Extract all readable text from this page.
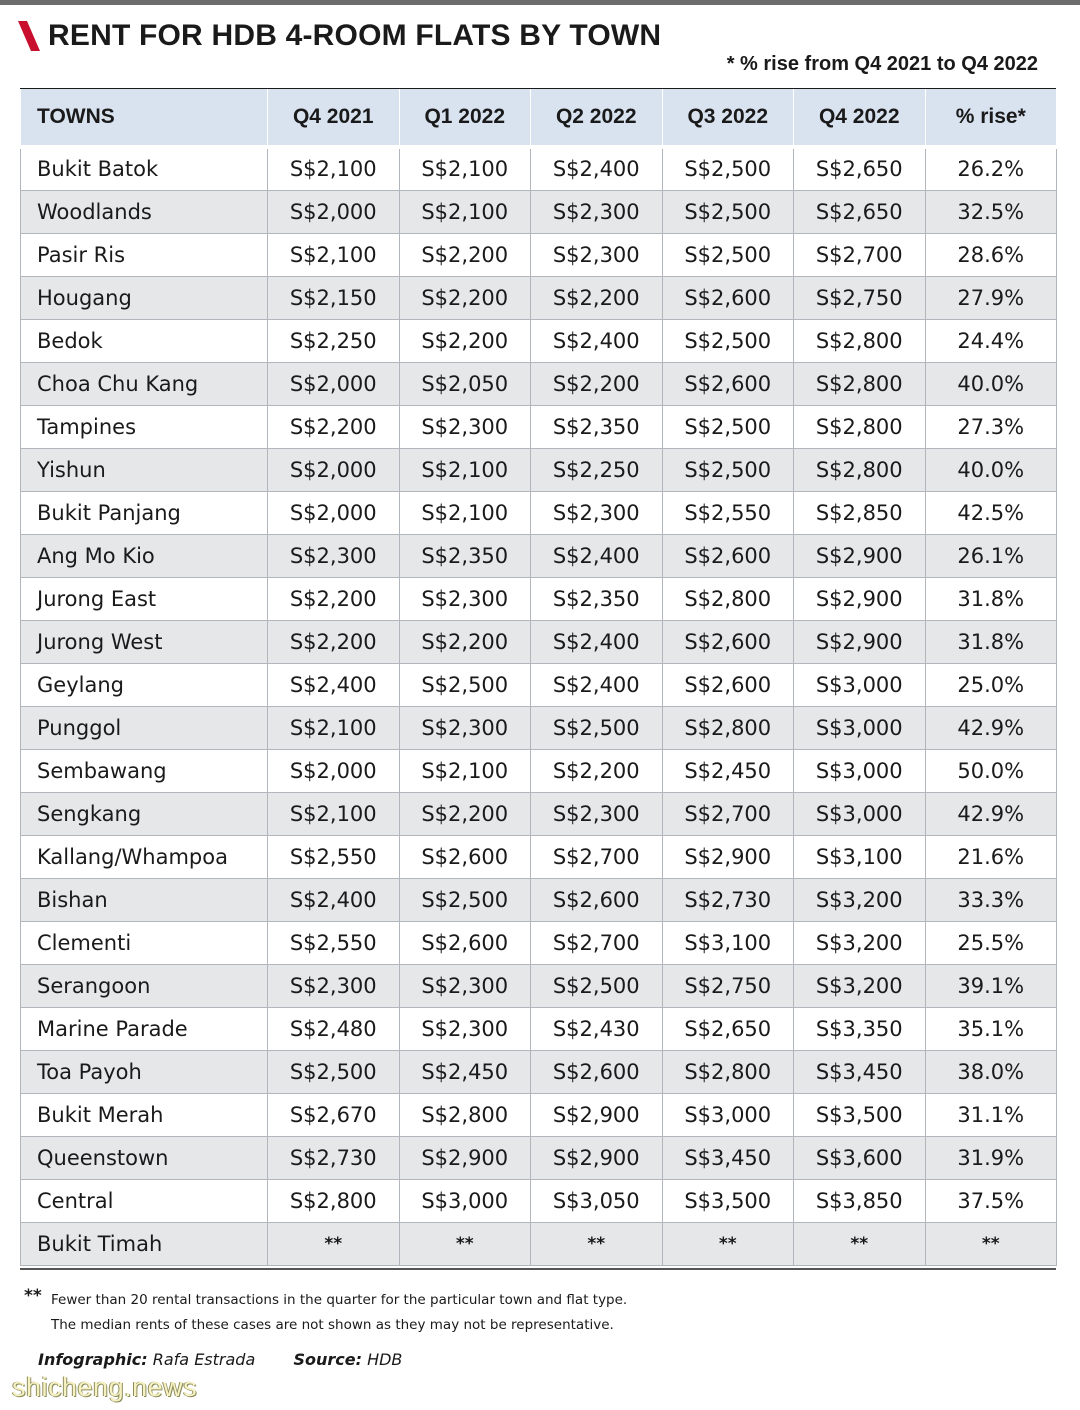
RENT FOR HDB 4-ROOM FLATS BY TOWN
* % rise from Q4 2021 to Q4 2022
TOWNS	Q4 2021	Q1 2022	Q2 2022	Q3 2022	Q4 2022	% rise*
Bukit Batok	S$2,100	S$2,100	S$2,400	S$2,500	S$2,650	26.2%
Woodlands	S$2,000	S$2,100	S$2,300	S$2,500	S$2,650	32.5%
Pasir Ris	S$2,100	S$2,200	S$2,300	S$2,500	S$2,700	28.6%
Hougang	S$2,150	S$2,200	S$2,200	S$2,600	S$2,750	27.9%
Bedok	S$2,250	S$2,200	S$2,400	S$2,500	S$2,800	24.4%
Choa Chu Kang	S$2,000	S$2,050	S$2,200	S$2,600	S$2,800	40.0%
Tampines	S$2,200	S$2,300	S$2,350	S$2,500	S$2,800	27.3%
Yishun	S$2,000	S$2,100	S$2,250	S$2,500	S$2,800	40.0%
Bukit Panjang	S$2,000	S$2,100	S$2,300	S$2,550	S$2,850	42.5%
Ang Mo Kio	S$2,300	S$2,350	S$2,400	S$2,600	S$2,900	26.1%
Jurong East	S$2,200	S$2,300	S$2,350	S$2,800	S$2,900	31.8%
Jurong West	S$2,200	S$2,200	S$2,400	S$2,600	S$2,900	31.8%
Geylang	S$2,400	S$2,500	S$2,400	S$2,600	S$3,000	25.0%
Punggol	S$2,100	S$2,300	S$2,500	S$2,800	S$3,000	42.9%
Sembawang	S$2,000	S$2,100	S$2,200	S$2,450	S$3,000	50.0%
Sengkang	S$2,100	S$2,200	S$2,300	S$2,700	S$3,000	42.9%
Kallang/Whampoa	S$2,550	S$2,600	S$2,700	S$2,900	S$3,100	21.6%
Bishan	S$2,400	S$2,500	S$2,600	S$2,730	S$3,200	33.3%
Clementi	S$2,550	S$2,600	S$2,700	S$3,100	S$3,200	25.5%
Serangoon	S$2,300	S$2,300	S$2,500	S$2,750	S$3,200	39.1%
Marine Parade	S$2,480	S$2,300	S$2,430	S$2,650	S$3,350	35.1%
Toa Payoh	S$2,500	S$2,450	S$2,600	S$2,800	S$3,450	38.0%
Bukit Merah	S$2,670	S$2,800	S$2,900	S$3,000	S$3,500	31.1%
Queenstown	S$2,730	S$2,900	S$2,900	S$3,450	S$3,600	31.9%
Central	S$2,800	S$3,000	S$3,050	S$3,500	S$3,850	37.5%
Bukit Timah	**	**	**	**	**	**
** Fewer than 20 rental transactions in the quarter for the particular town and flat type.
The median rents of these cases are not shown as they may not be representative.
Infographic: Rafa Estrada Source: HDB
shicheng.news
